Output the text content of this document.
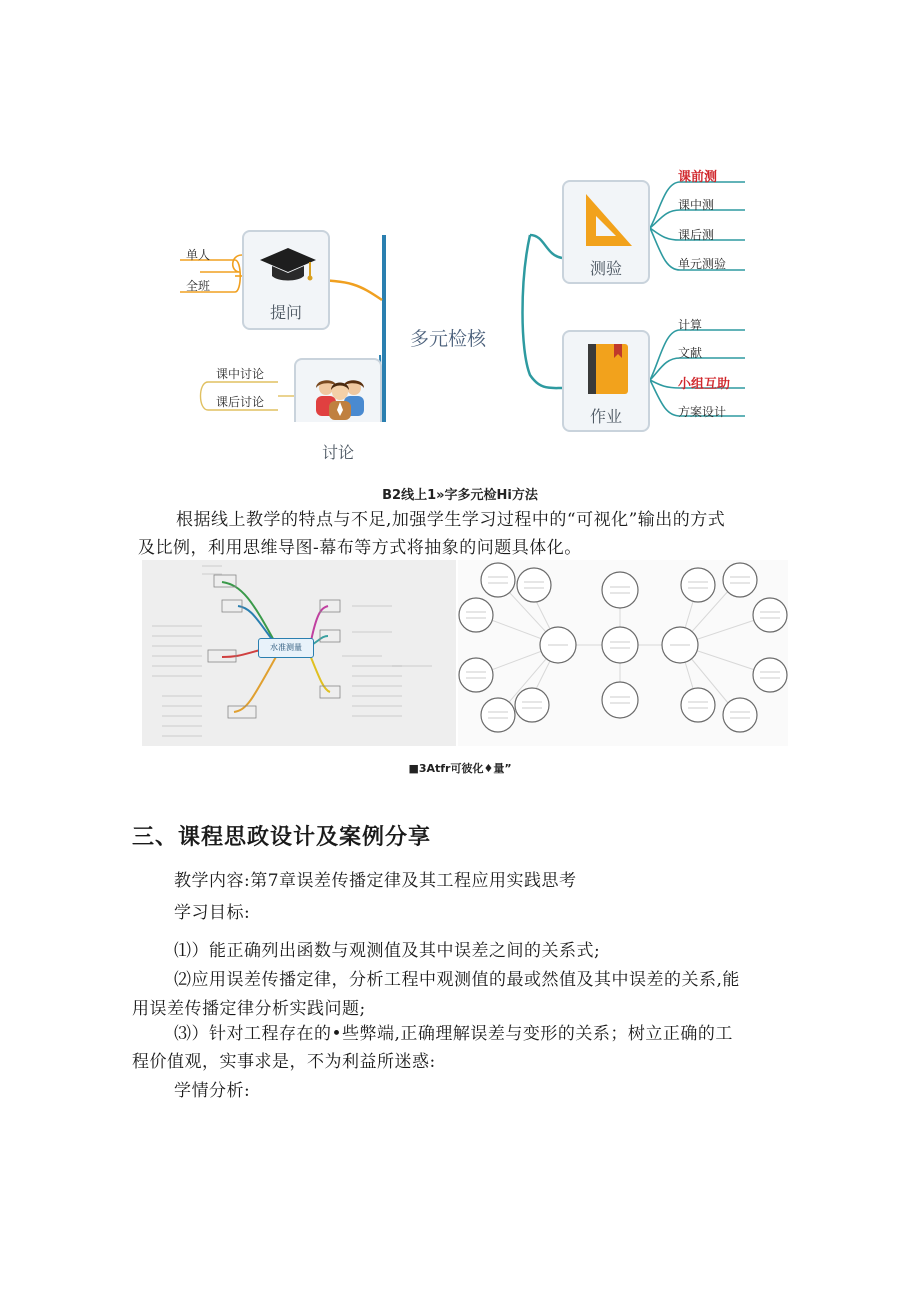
提问
单人
全班
课中讨论
课后讨论
讨论
多元检核
测验
课前测
课中测
课后测
单元测验
作业
计算
文献
小组互助
方案设计
B2线上1»字多元检Hi方法
根据线上教学的特点与不足,加强学生学习过程中的“可视化”输出的方式
及比例，利用思维导图-幕布等方式将抽象的问题具体化。
水准测量
■3Atfr可彼化♦量”
三、课程思政设计及案例分享
教学内容:第7章误差传播定律及其工程应用实践思考
学习目标:
⑴）能正确列出函数与观测值及其中误差之间的关系式;
⑵应用误差传播定律，分析工程中观测值的最或然值及其中误差的关系,能
用误差传播定律分析实践问题;
⑶）针对工程存在的•些弊端,正确理解误差与变形的关系；树立正确的工
程价值观，实事求是，不为利益所迷惑:
学情分析:
